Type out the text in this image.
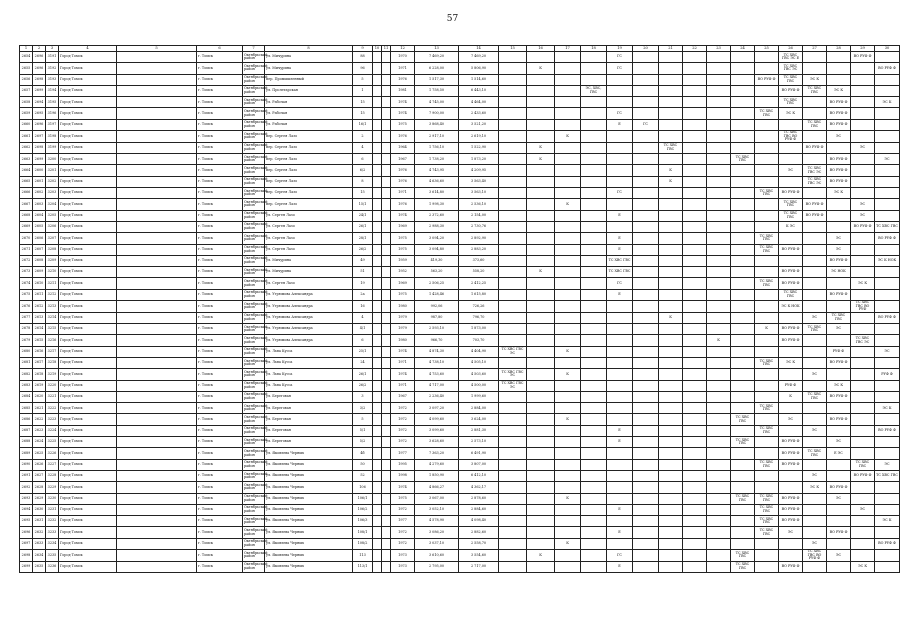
57
1	2	3	4	5	6	7	8	9	10	11	12	13	14	15	16	17	18	19	20	21	22	23	24	25	26	27	28	29	30
2654	2696	3191	Город Томск		г. Томск	Октябрьский район	ул. Мичурина	88			1970	7 469,20	7 469,20					ГС							ТС ХВС ГВС ЭС Е			ВО РУФ Ф	
2655	2696	3192	Город Томск		г. Томск	Октябрьский район	ул. Мичурина	96			1971	6 228,00	5 806,90		К			ГС							ТС ХВС ГВС ЭС				ВО РУФ Ф
2656	2698	3193	Город Томск		г. Томск	Октябрьский район	пер. Промышленный	5			1976	1 517,30	1 514,60											ВО РУФ Ф	ТС ХВС ГВС	ЭС К			
2657	2699	3194	Город Томск		г. Томск	Октябрьский район	ул. Пролетарская	1			1981	1 758,50	6 443,10				ЭС, ХВС, ГВС								ВО РУФ Ф	ТС ХВС ГВС	ЭС К		
2658	2694	3195	Город Томск		г. Томск	Октябрьский район	ул. Рабочая	15			1974	4 745,00	4 464,00												ТС ХВС ГВС		ВО РУФ Ф		ЭС К
2659	2695	3196	Город Томск		г. Томск	Октябрьский район	ул. Рабочая	15			1974	7 900,00	2 433,60					ГС						ТС ХВС ГВС	ЭС К		ВО РУФ Ф		
2660	2696	3197	Город Томск		г. Томск	Октябрьский район	ул. Рабочая	16/1			1975	3 868,40	3 521,20					Е	ГС							ТС ХВС ГВС	ВО РУФ Ф		
2661	2697	3198	Город Томск		г. Томск	Октябрьский район	пер. Сергея Лазо	2			1976	2 917,10	2 619,10			К									ТС ХВС ГВС ВО РУФ Ф		ЭС		
2662	2698	3199	Город Томск		г. Томск	Октябрьский район	пер. Сергея Лазо	4			1964	1 756,10	1 522,90		К					ТС ХВС ГВС						ВО РУФ Ф		ЭС	
2663	2699	3200	Город Томск		г. Томск	Октябрьский район	пер. Сергея Лазо	6			1967	1 738,20	1 873,20		К								ТС ХВС ГВС				ВО РУФ Ф		ЭС
2664	2600	3201	Город Томск		г. Томск	Октябрьский район	пер. Сергея Лазо	6/2			1976	4 743,95	4 209,95							К					ЭС	ТС ХВС ГВС ЭС	ВО РУФ Ф		
2665	2601	3202	Город Томск		г. Томск	Октябрьский район	пер. Сергея Лазо	8			1976	4 636,60	3 563,40							К						ТС ХВС ГВС ЭС	ВО РУФ Ф		
2666	2602	3203	Город Томск		г. Томск	Октябрьский район	пер. Сергея Лазо	15			1971	3 614,80	3 563,10					ГС						ТС ХВС ГВС	ВО РУФ Ф		ЭС К		
2667	2603	3204	Город Томск		г. Томск	Октябрьский район	пер. Сергея Лазо	15/1			1976	1 998,30	2 536,10			К									ТС ХВС ГВС	ВО РУФ Ф		ЭС	
2668	2604	3205	Город Томск		г. Томск	Октябрьский район	ул. Сергея Лазо	24/1			1974	2 372,60	2 154,00					Е							ТС ХВС ГВС	ВО РУФ Ф		ЭС	
2669	2605	3206	Город Томск		г. Томск	Октябрьский район	ул. Сергея Лазо	26/1			1969	2 988,30	2 730,76												К ЭС			ВО РУФ Ф	ТС ХВС ГВС
2670	2606	3207	Город Томск		г. Томск	Октябрьский район	ул. Сергея Лазо	28/1			1975	3 094,20	2 892,90					Е						ТС ХВС ГВС			ЭС		ВО РУФ Ф
2671	2607	3208	Город Томск		г. Томск	Октябрьский район	ул. Сергея Лазо	26/2			1975	3 094,80	2 883,20					Е						ТС ХВС ГВС	ВО РУФ Ф		ЭС		
2672	2608	3209	Город Томск		г. Томск	Октябрьский район	ул. Мичурина	49			1959	419,30	373,60					ТС ХВС ГВС									ВО РУФ Ф		ЭС К НОК
2673	2609	3210	Город Томск		г. Томск	Октябрьский район	ул. Мичурина	51			1952	563,20	558,20		К			ТС ХВС ГВС							ВО РУФ Ф		ЭС НОК		
2674	2610	3211	Город Томск		г. Томск	Октябрьский район	ул. Сергея Лазо	19			1969	2 506,25	2 412,25					ГС						ТС ХВС ГВС	ВО РУФ Ф			ЭС К	
2675	2611	3212	Город Томск		г. Томск	Октябрьский район	ул. Угрюмова Александра	2а			1975	1 428,46	1 615,80					Е							ТС ХВС ГВС		ВО РУФ Ф		
2676	2612	3213	Город Томск		г. Томск	Октябрьский район	ул. Угрюмова Александра	16			1980	992,06	726,26												ЭС К НОК			ТС ХВС ГВС ВО РУФ	
2677	2613	3214	Город Томск		г. Томск	Октябрьский район	ул. Угрюмова Александра	4			1979	987,80	796,70							К						ЭС	ТС ХВС ГВС		ВО РУФ Ф
2678	2614	3215	Город Томск		г. Томск	Октябрьский район	ул. Угрюмова Александра	4/1			1979	2 593,10	1 873,00											К	ВО РУФ Ф	ТС ХВС ГВС	ЭС		
2679	2615	3216	Город Томск		г. Томск	Октябрьский район	ул. Угрюмова Александра	6			1980	966,70	703,70									К			ВО РУФ Ф			ТС ХВС ГВС ЭС	
2680	2616	3217	Город Томск		г. Томск	Октябрьский район	ул. Льва Кусса	25/1			1974	4 874,30	4 404,90	ТС ХВС ГВС ЭС		К											РУФ Ф		ЭС
2681	2617	3218	Город Томск		г. Томск	Октябрьский район	ул. Льва Кусса	24			1971	4 738,10	4 505,10											ТС ХВС ГВС	ЭС К		ВО РУФ Ф		
2682	2618	3219	Город Томск		г. Томск	Октябрьский район	ул. Льва Кусса	26/1			1974	4 753,60	4 503,60	ТС ХВС ГВС ЭС		К										ЭС			РУФ Ф
2683	2619	3220	Город Томск		г. Томск	Октябрьский район	ул. Льва Кусса	26/2			1971	4 717,00	4 500,00	ТС ХВС ГВС ЭС											РУФ Ф		ЭС К		
2684	2620	3221	Город Томск		г. Томск	Октябрьский район	ул. Береговая	3			1967	2 236,40	1 999,60												К	ТС ХВС ГВС	ВО РУФ Ф		
2685	2621	3222	Город Томск		г. Томск	Октябрьский район	ул. Береговая	3/2			1972	3 097,20	2 884,00											ТС ХВС ГВС					ЭС К
2686	2622	3223	Город Томск		г. Томск	Октябрьский район	ул. Береговая	5			1972	4 099,60	3 624,00			К							ТС ХВС ГВС		ЭС		ВО РУФ Ф		
2687	2623	3224	Город Томск		г. Томск	Октябрьский район	ул. Береговая	5/1			1972	3 099,60	2 881,30					Е						ТС ХВС ГВС		ЭС			ВО РУФ Ф
2688	2624	3225	Город Томск		г. Томск	Октябрьский район	ул. Береговая	5/2			1972	3 628,60	2 573,10					Е					ТС ХВС ГВС		ВО РУФ Ф		ЭС		
2689	2625	3226	Город Томск		г. Томск	Октябрьский район	ул. Яковлева Черных	4б			1977	7 363,20	6 491,90												ВО РУФ Ф	ТС ХВС ГВС	Е ЭС		
2690	2626	3227	Город Томск		г. Томск	Октябрьский район	ул. Яковлева Черных	50			1995	4 279,60	3 807,00											ТС ХВС ГВС	ВО РУФ Ф			ТС ХВС ГВС	ЭС
2691	2627	3228	Город Томск		г. Томск	Октябрьский район	ул. Яковлева Черных	52			1998	1 850,90	6 412,10													ЭС		ВО РУФ Ф	ТС ХВС ГВС
2692	2628	3229	Город Томск		г. Томск	Октябрьский район	ул. Яковлева Черных	106			1974	4 866,27	4 362,17													ЭС К	ВО РУФ Ф		
2693	2629	3230	Город Томск		г. Томск	Октябрьский район	ул. Яковлева Черных	106/1			1975	3 067,00	2 878,60			К							ТС ХВС ГВС	ТС ХВС ГВС	ВО РУФ Ф		ЭС		
2694	2630	3231	Город Томск		г. Томск	Октябрьский район	ул. Яковлева Черных	106/2			1972	3 052,10	2 884,60					Е						ТС ХВС ГВС	ВО РУФ Ф			ЭС	
2695	2631	3232	Город Томск		г. Томск	Октябрьский район	ул. Яковлева Черных	106/3			1977	4 578,90	4 098,40											ТС ХВС ГВС	ВО РУФ Ф				ЭС К
2696	2632	3233	Город Томск		г. Томск	Октябрьский район	ул. Яковлева Черных	108/1			1972	3 086,20	2 882,60					Е						ТС ХВС ГВС	ЭС		ВО РУФ Ф		
2697	2633	3234	Город Томск		г. Томск	Октябрьский район	ул. Яковлева Черных	108/2			1972	3 037,10	2 558,70			К										ЭС			ВО РУФ Ф
2698	2634	3235	Город Томск		г. Томск	Октябрьский район	ул. Яковлева Черных	113			1973	3 610,60	3 554,60		К			ГС					ТС ХВС ГВС			ТС ХВС ГВС ВО РУФ Ф	ЭС		
2699	2635	3236	Город Томск		г. Томск	Октябрьский район	ул. Яковлева Черных	113/1			1973	2 795,00	2 717,00					Е					ТС ХВС ГВС		ВО РУФ Ф			ЭС К	
